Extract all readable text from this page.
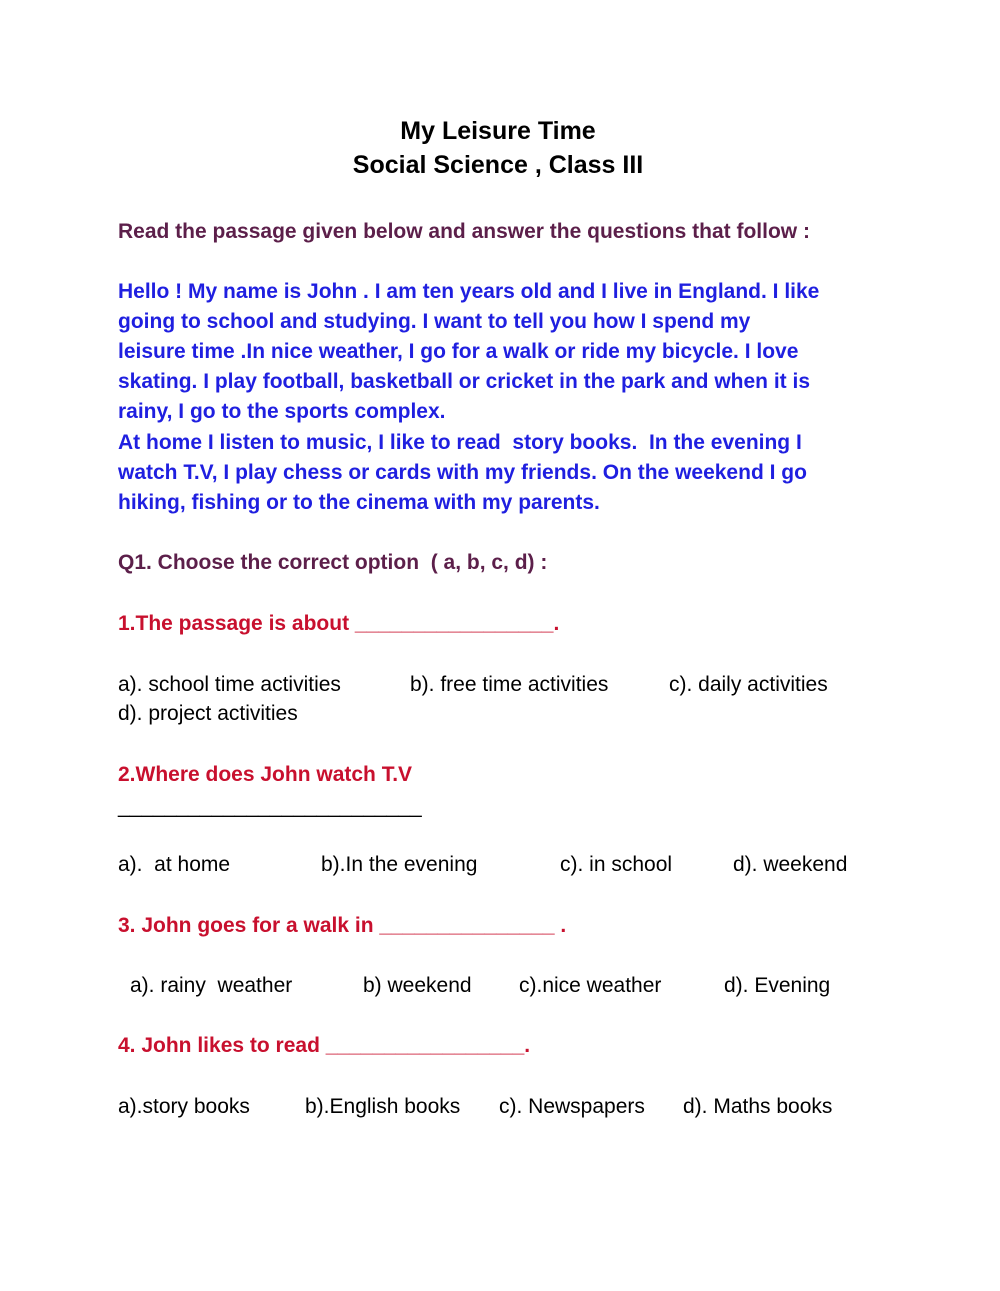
My Leisure Time
Social Science , Class III
Read the passage given below and answer the questions that follow :
Hello ! My name is John . I am ten years old and I live in England. I like
going to school and studying. I want to tell you how I spend my
leisure time .In nice weather, I go for a walk or ride my bicycle. I love
skating. I play football, basketball or cricket in the park and when it is
rainy, I go to the sports complex.
At home I listen to music, I like to read  story books.  In the evening I
watch T.V, I play chess or cards with my friends. On the weekend I go
hiking, fishing or to the cinema with my parents.
Q1. Choose the correct option  ( a, b, c, d) :
1.The passage is about _________________.
a). school time activities	b). free time activities	c). daily activities
d). project activities
2.Where does John watch T.V
__________________________
a).  at home	b).In the evening	c). in school	d). weekend
3. John goes for a walk in _______________ .
a). rainy  weather	b) weekend c).nice weather	d). Evening
4. John likes to read _________________.
a).story books	b).English books c). Newspapers d). Maths books
